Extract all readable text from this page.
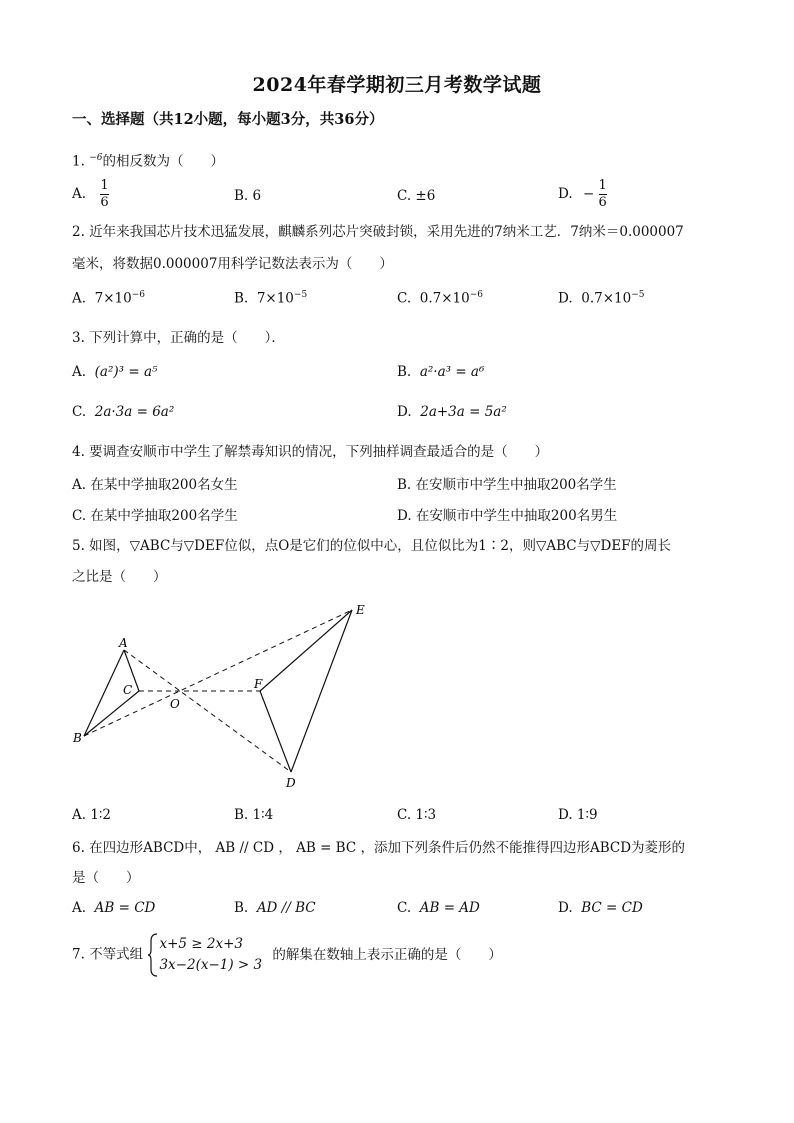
2024年春学期初三月考数学试题
一、选择题（共12小题，每小题3分，共36分）
1. $^{-6}$的相反数为（　　）
A. $\frac{1}{6}$	B. 6	C. ±6	D. − $\frac{1}{6}$
2. 近年来我国芯片技术迅猛发展，麒麟系列芯片突破封锁，采用先进的7纳米工艺．7纳米＝0.000007
毫米，将数据0.000007用科学记数法表示为（　　）
A. $7\times 10^{-6}$	B. $7\times 10^{-5}$	C. $0.7\times 10^{-6}$	D. $0.7\times 10^{-5}$
3. 下列计算中，正确的是（　　）．
A. (a²)³ = a⁵	B. a²·a³ = a⁶
C. 2a·3a = 6a²	D. 2a+3a = 5a²
4. 要调查安顺市中学生了解禁毒知识的情况，下列抽样调查最适合的是（　　）
A. 在某中学抽取200名女生	B. 在安顺市中学生中抽取200名学生
C. 在某中学抽取200名学生	D. 在安顺市中学生中抽取200名男生
5. 如图，▽ABC与▽DEF位似，点O是它们的位似中心，且位似比为1∶2，则▽ABC与▽DEF的周长
之比是（　　）
A
B
C
O
F
E
D
A. 1∶2	B. 1∶4	C. 1∶3	D. 1∶9
6. 在四边形ABCD中， AB // CD ， AB = BC ，添加下列条件后仍然不能推得四边形ABCD为菱形的
是（　　）
A. AB = CD	B. AD // BC	C. AB = AD	D. BC = CD
7. 不等式组
x+5 ≥ 2x+3
3x−2(x−1) > 3
的解集在数轴上表示正确的是（　　）
